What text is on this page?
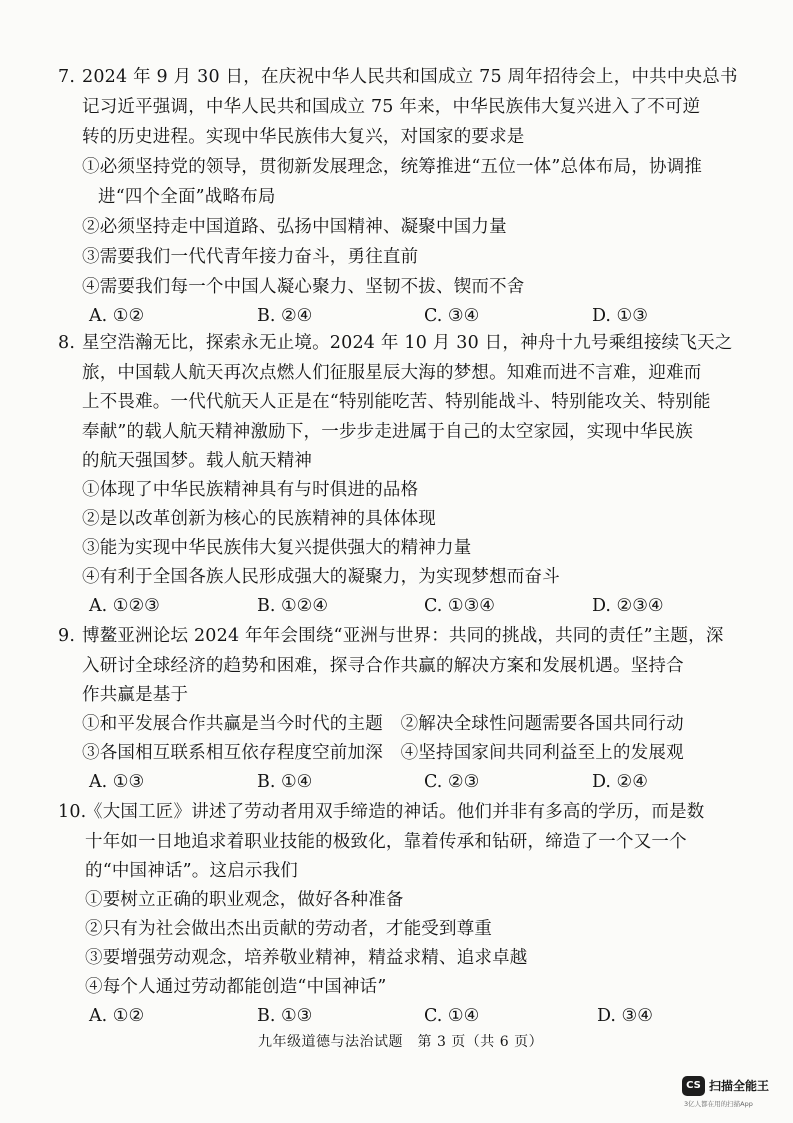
7. 2024 年 9 月 30 日，在庆祝中华人民共和国成立 75 周年招待会上，中共中央总书
记习近平强调，中华人民共和国成立 75 年来，中华民族伟大复兴进入了不可逆
转的历史进程。实现中华民族伟大复兴，对国家的要求是
①必须坚持党的领导，贯彻新发展理念，统筹推进“五位一体”总体布局，协调推
进“四个全面”战略布局
②必须坚持走中国道路、弘扬中国精神、凝聚中国力量
③需要我们一代代青年接力奋斗，勇往直前
④需要我们每一个中国人凝心聚力、坚韧不拔、锲而不舍
A. ①②	B. ②④	C. ③④	D. ①③
8. 星空浩瀚无比，探索永无止境。2024 年 10 月 30 日，神舟十九号乘组接续飞天之
旅，中国载人航天再次点燃人们征服星辰大海的梦想。知难而进不言难，迎难而
上不畏难。一代代航天人正是在“特别能吃苦、特别能战斗、特别能攻关、特别能
奉献”的载人航天精神激励下，一步步走进属于自己的太空家园，实现中华民族
的航天强国梦。载人航天精神
①体现了中华民族精神具有与时俱进的品格
②是以改革创新为核心的民族精神的具体体现
③能为实现中华民族伟大复兴提供强大的精神力量
④有利于全国各族人民形成强大的凝聚力，为实现梦想而奋斗
A. ①②③	B. ①②④	C. ①③④	D. ②③④
9. 博鳌亚洲论坛 2024 年年会围绕“亚洲与世界：共同的挑战，共同的责任”主题，深
入研讨全球经济的趋势和困难，探寻合作共赢的解决方案和发展机遇。坚持合
作共赢是基于
①和平发展合作共赢是当今时代的主题　②解决全球性问题需要各国共同行动
③各国相互联系相互依存程度空前加深　④坚持国家间共同利益至上的发展观
A. ①③	B. ①④	C. ②③	D. ②④
10.
《大国工匠》讲述了劳动者用双手缔造的神话。他们并非有多高的学历，而是数
十年如一日地追求着职业技能的极致化，靠着传承和钻研，缔造了一个又一个
的“中国神话”。这启示我们
①要树立正确的职业观念，做好各种准备
②只有为社会做出杰出贡献的劳动者，才能受到尊重
③要增强劳动观念，培养敬业精神，精益求精、追求卓越
④每个人通过劳动都能创造“中国神话”
A. ①②	B. ①③	C. ①④	D. ③④
九年级道德与法治试题　第 3 页（共 6 页）
CS 扫描全能王
3亿人都在用的扫描App
